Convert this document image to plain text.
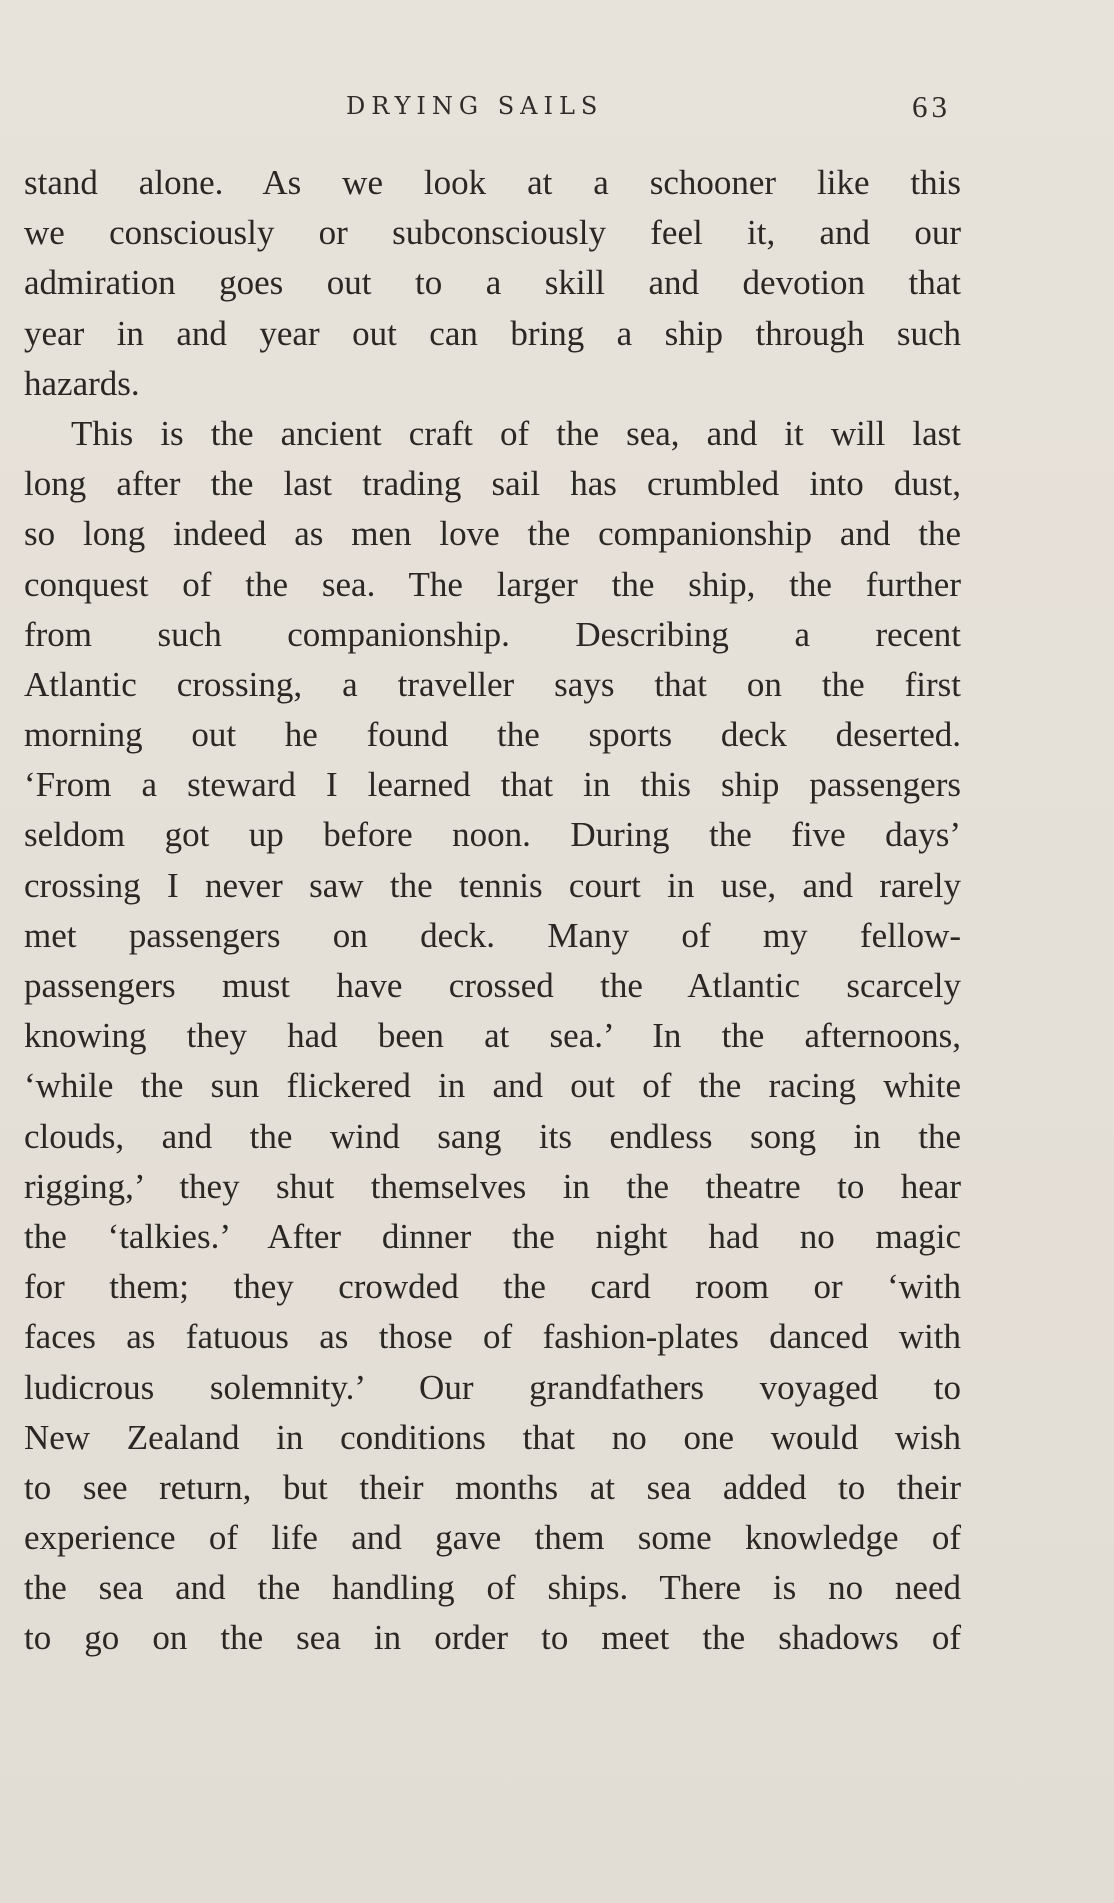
DRYING SAILS	63
stand alone. As we look at a schooner like this
we consciously or subconsciously feel it, and our
admiration goes out to a skill and devotion that
year in and year out can bring a ship through such
hazards.
This is the ancient craft of the sea, and it will last
long after the last trading sail has crumbled into dust,
so long indeed as men love the companionship and the
conquest of the sea. The larger the ship, the further
from such companionship. Describing a recent
Atlantic crossing, a traveller says that on the first
morning out he found the sports deck deserted.
‘From a steward I learned that in this ship passengers
seldom got up before noon. During the five days’
crossing I never saw the tennis court in use, and rarely
met passengers on deck. Many of my fellow-
passengers must have crossed the Atlantic scarcely
knowing they had been at sea.’ In the afternoons,
‘while the sun flickered in and out of the racing white
clouds, and the wind sang its endless song in the
rigging,’ they shut themselves in the theatre to hear
the ‘talkies.’ After dinner the night had no magic
for them; they crowded the card room or ‘with
faces as fatuous as those of fashion-plates danced with
ludicrous solemnity.’ Our grandfathers voyaged to
New Zealand in conditions that no one would wish
to see return, but their months at sea added to their
experience of life and gave them some knowledge of
the sea and the handling of ships. There is no need
to go on the sea in order to meet the shadows of
